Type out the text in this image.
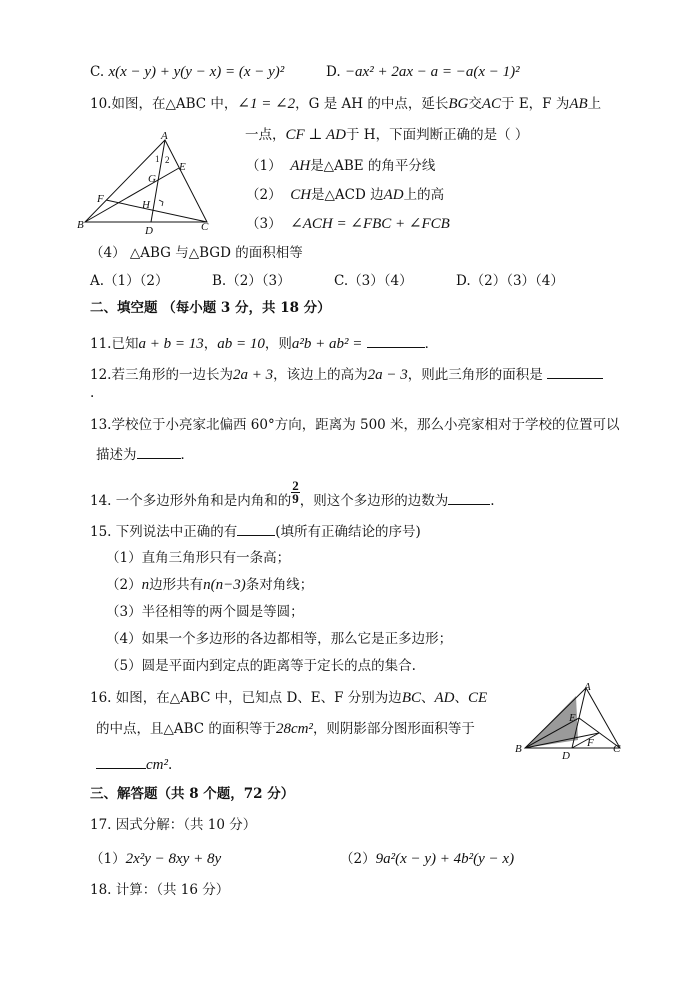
C. x(x − y) + y(y − x) = (x − y)²	D. −ax² + 2ax − a = −a(x − 1)²
10.如图，在△ABC 中，∠1 = ∠2，G 是 AH 的中点，延长BG交AC于 E，F 为AB上
一点，CF ⊥ AD于 H，下面判断正确的是（ ）
A
B	C
D
E
F
G
H
1 2	（1） AH是△ABE 的角平分线
（2） CH是△ACD 边AD上的高
（3） ∠ACH = ∠FBC + ∠FCB
（4） △ABG 与△BGD 的面积相等
A.（1）（2）	B.（2）（3）	C.（3）（4）	D.（2）（3）（4）
二、填空题 （每小题 3 分，共 18 分）
11.已知a + b = 13，ab = 10，则a²b + ab² =	．
12.若三角形的一边长为2a + 3，该边上的高为2a − 3，则此三角形的面积是
.
13.学校位于小亮家北偏西 60°方向，距离为 500 米，那么小亮家相对于学校的位置可以
描述为	．
14. 一个多边形外角和是内角和的 $\frac{2}{9}$ ，则这个多边形的边数为	.
15. 下列说法中正确的有	(填所有正确结论的序号)
（1）直角三角形只有一条高；
（2）n边形共有n(n−3)条对角线；
（3）半径相等的两个圆是等圆；
（4）如果一个多边形的各边都相等，那么它是正多边形；
（5）圆是平面内到定点的距离等于定长的点的集合.
16. 如图，在△ABC 中，已知点 D、E、F 分别为边BC、AD、CE
的中点，且△ABC 的面积等于28cm²，则阴影部分图形面积等于
cm².
A
B	C
D
E
F
三、解答题（共 8 个题，72 分）
17. 因式分解：（共 10 分）
（1）2x²y − 8xy + 8y	（2）9a²(x − y) + 4b²(y − x)
18. 计算：（共 16 分）
